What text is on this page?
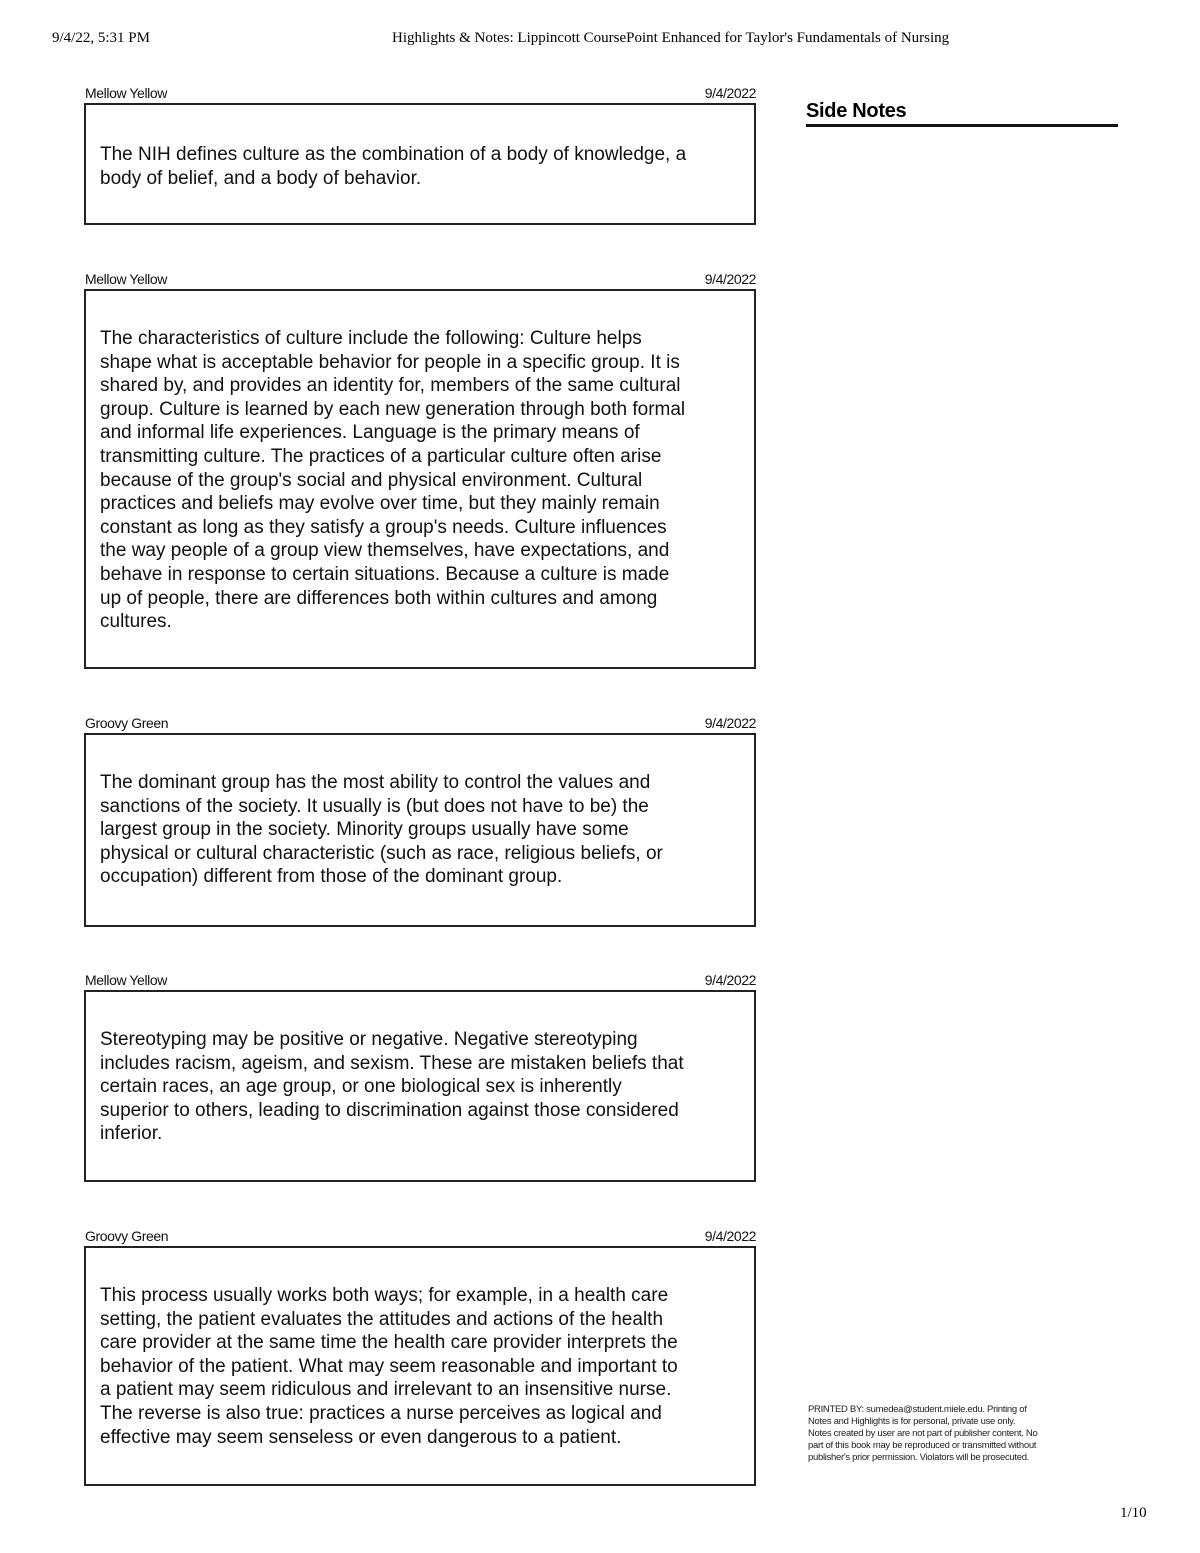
9/4/22, 5:31 PM	Highlights & Notes: Lippincott CoursePoint Enhanced for Taylor's Fundamentals of Nursing
Mellow Yellow	9/4/2022

The NIH defines culture as the combination of a body of knowledge, a
body of belief, and a body of behavior.

Mellow Yellow	9/4/2022

The characteristics of culture include the following: Culture helps
shape what is acceptable behavior for people in a specific group. It is
shared by, and provides an identity for, members of the same cultural
group. Culture is learned by each new generation through both formal
and informal life experiences. Language is the primary means of
transmitting culture. The practices of a particular culture often arise
because of the group's social and physical environment. Cultural
practices and beliefs may evolve over time, but they mainly remain
constant as long as they satisfy a group's needs. Culture influences
the way people of a group view themselves, have expectations, and
behave in response to certain situations. Because a culture is made
up of people, there are differences both within cultures and among
cultures.

Groovy Green	9/4/2022

The dominant group has the most ability to control the values and
sanctions of the society. It usually is (but does not have to be) the
largest group in the society. Minority groups usually have some
physical or cultural characteristic (such as race, religious beliefs, or
occupation) different from those of the dominant group.

Mellow Yellow	9/4/2022

Stereotyping may be positive or negative. Negative stereotyping
includes racism, ageism, and sexism. These are mistaken beliefs that
certain races, an age group, or one biological sex is inherently
superior to others, leading to discrimination against those considered
inferior.

Groovy Green	9/4/2022

This process usually works both ways; for example, in a health care
setting, the patient evaluates the attitudes and actions of the health
care provider at the same time the health care provider interprets the
behavior of the patient. What may seem reasonable and important to
a patient may seem ridiculous and irrelevant to an insensitive nurse.
The reverse is also true: practices a nurse perceives as logical and
effective may seem senseless or even dangerous to a patient.

Side Notes
PRINTED BY: sumedea@student.miele.edu. Printing of
Notes and Highlights is for personal, private use only.
Notes created by user are not part of publisher content. No
part of this book may be reproduced or transmitted without
publisher's prior permission. Violators will be prosecuted.
1/10
